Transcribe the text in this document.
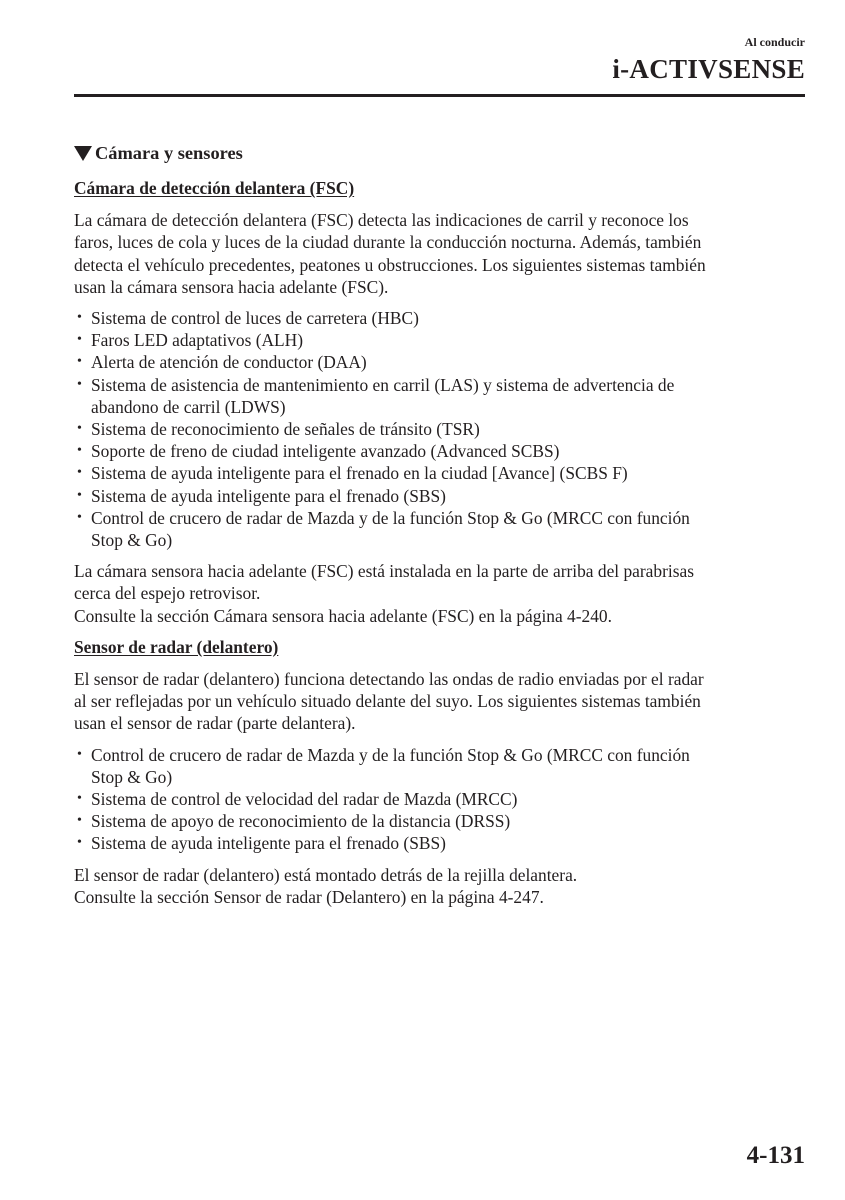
Al conducir
i-ACTIVSENSE
Cámara y sensores
Cámara de detección delantera (FSC)

La cámara de detección delantera (FSC) detecta las indicaciones de carril y reconoce los
faros, luces de cola y luces de la ciudad durante la conducción nocturna. Además, también
detecta el vehículo precedentes, peatones u obstrucciones. Los siguientes sistemas también
usan la cámara sensora hacia adelante (FSC).

• Sistema de control de luces de carretera (HBC)
• Faros LED adaptativos (ALH)
• Alerta de atención de conductor (DAA)
• Sistema de asistencia de mantenimiento en carril (LAS) y sistema de advertencia de
abandono de carril (LDWS)
• Sistema de reconocimiento de señales de tránsito (TSR)
• Soporte de freno de ciudad inteligente avanzado (Advanced SCBS)
• Sistema de ayuda inteligente para el frenado en la ciudad [Avance] (SCBS F)
• Sistema de ayuda inteligente para el frenado (SBS)
• Control de crucero de radar de Mazda y de la función Stop & Go (MRCC con función
Stop & Go)

La cámara sensora hacia adelante (FSC) está instalada en la parte de arriba del parabrisas
cerca del espejo retrovisor.
Consulte la sección Cámara sensora hacia adelante (FSC) en la página 4-240.

Sensor de radar (delantero)

El sensor de radar (delantero) funciona detectando las ondas de radio enviadas por el radar
al ser reflejadas por un vehículo situado delante del suyo. Los siguientes sistemas también
usan el sensor de radar (parte delantera).

• Control de crucero de radar de Mazda y de la función Stop & Go (MRCC con función
Stop & Go)
• Sistema de control de velocidad del radar de Mazda (MRCC)
• Sistema de apoyo de reconocimiento de la distancia (DRSS)
• Sistema de ayuda inteligente para el frenado (SBS)

El sensor de radar (delantero) está montado detrás de la rejilla delantera.
Consulte la sección Sensor de radar (Delantero) en la página 4-247.

4-131
